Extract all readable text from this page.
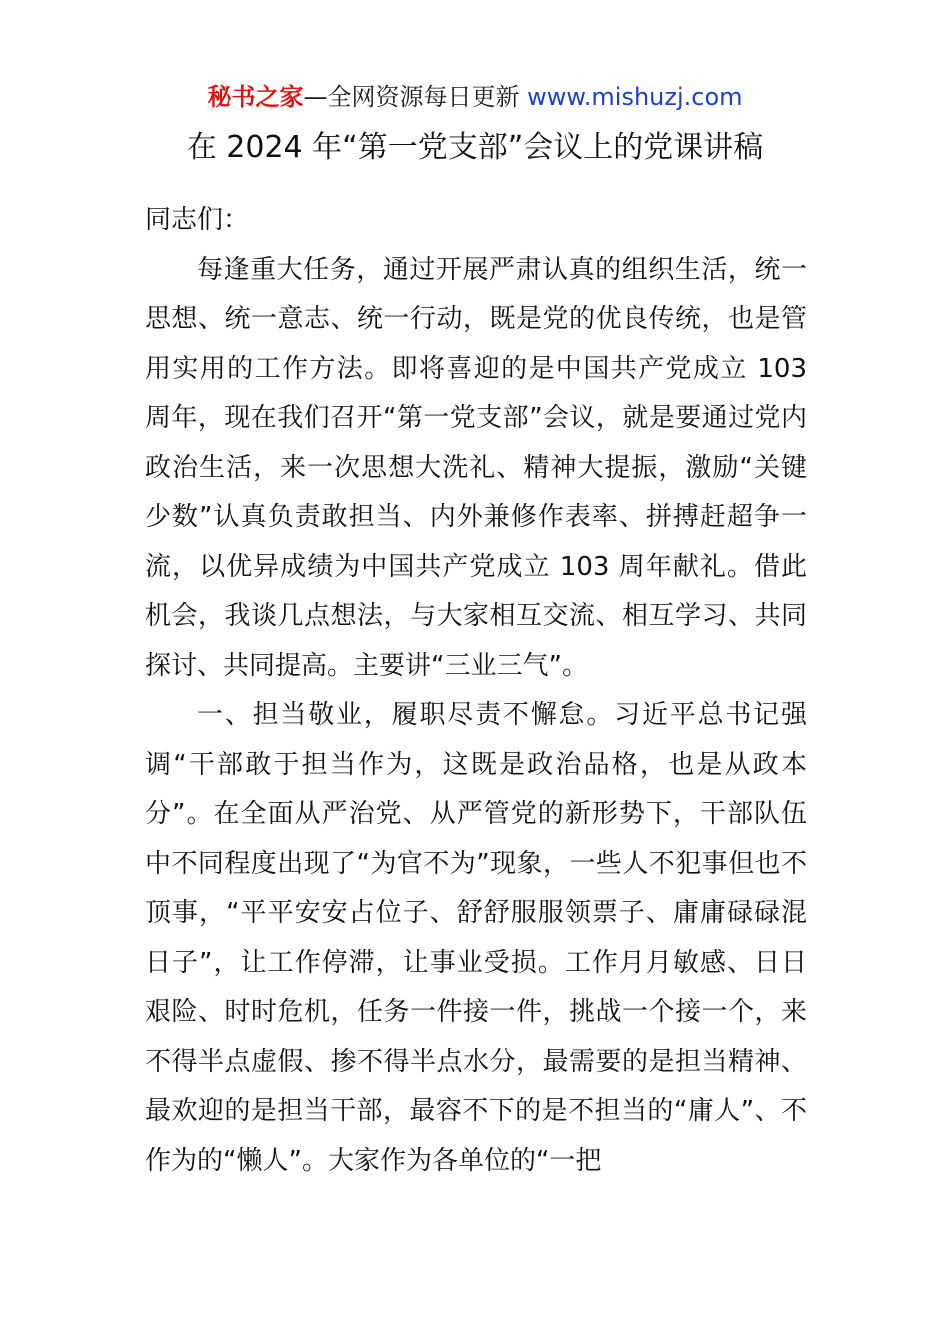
秘书之家—全网资源每日更新 www.mishuzj.com
在 2024 年“第一党支部”会议上的党课讲稿

同志们：

每逢重大任务，通过开展严肃认真的组织生活，统一思想、统一意志、统一行动，既是党的优良传统，也是管用实用的工作方法。即将喜迎的是中国共产党成立 103 周年，现在我们召开“第一党支部”会议，就是要通过党内政治生活，来一次思想大洗礼、精神大提振，激励“关键少数”认真负责敢担当、内外兼修作表率、拼搏赶超争一流，以优异成绩为中国共产党成立 103 周年献礼。借此机会，我谈几点想法，与大家相互交流、相互学习、共同探讨、共同提高。主要讲“三业三气”。

一、担当敬业，履职尽责不懈怠。习近平总书记强调“干部敢于担当作为，这既是政治品格，也是从政本分”。在全面从严治党、从严管党的新形势下，干部队伍中不同程度出现了“为官不为”现象，一些人不犯事但也不顶事，“平平安安占位子、舒舒服服领票子、庸庸碌碌混日子”，让工作停滞，让事业受损。工作月月敏感、日日艰险、时时危机，任务一件接一件，挑战一个接一个，来不得半点虚假、掺不得半点水分，最需要的是担当精神、最欢迎的是担当干部，最容不下的是不担当的“庸人”、不作为的“懒人”。大家作为各单位的“一把
